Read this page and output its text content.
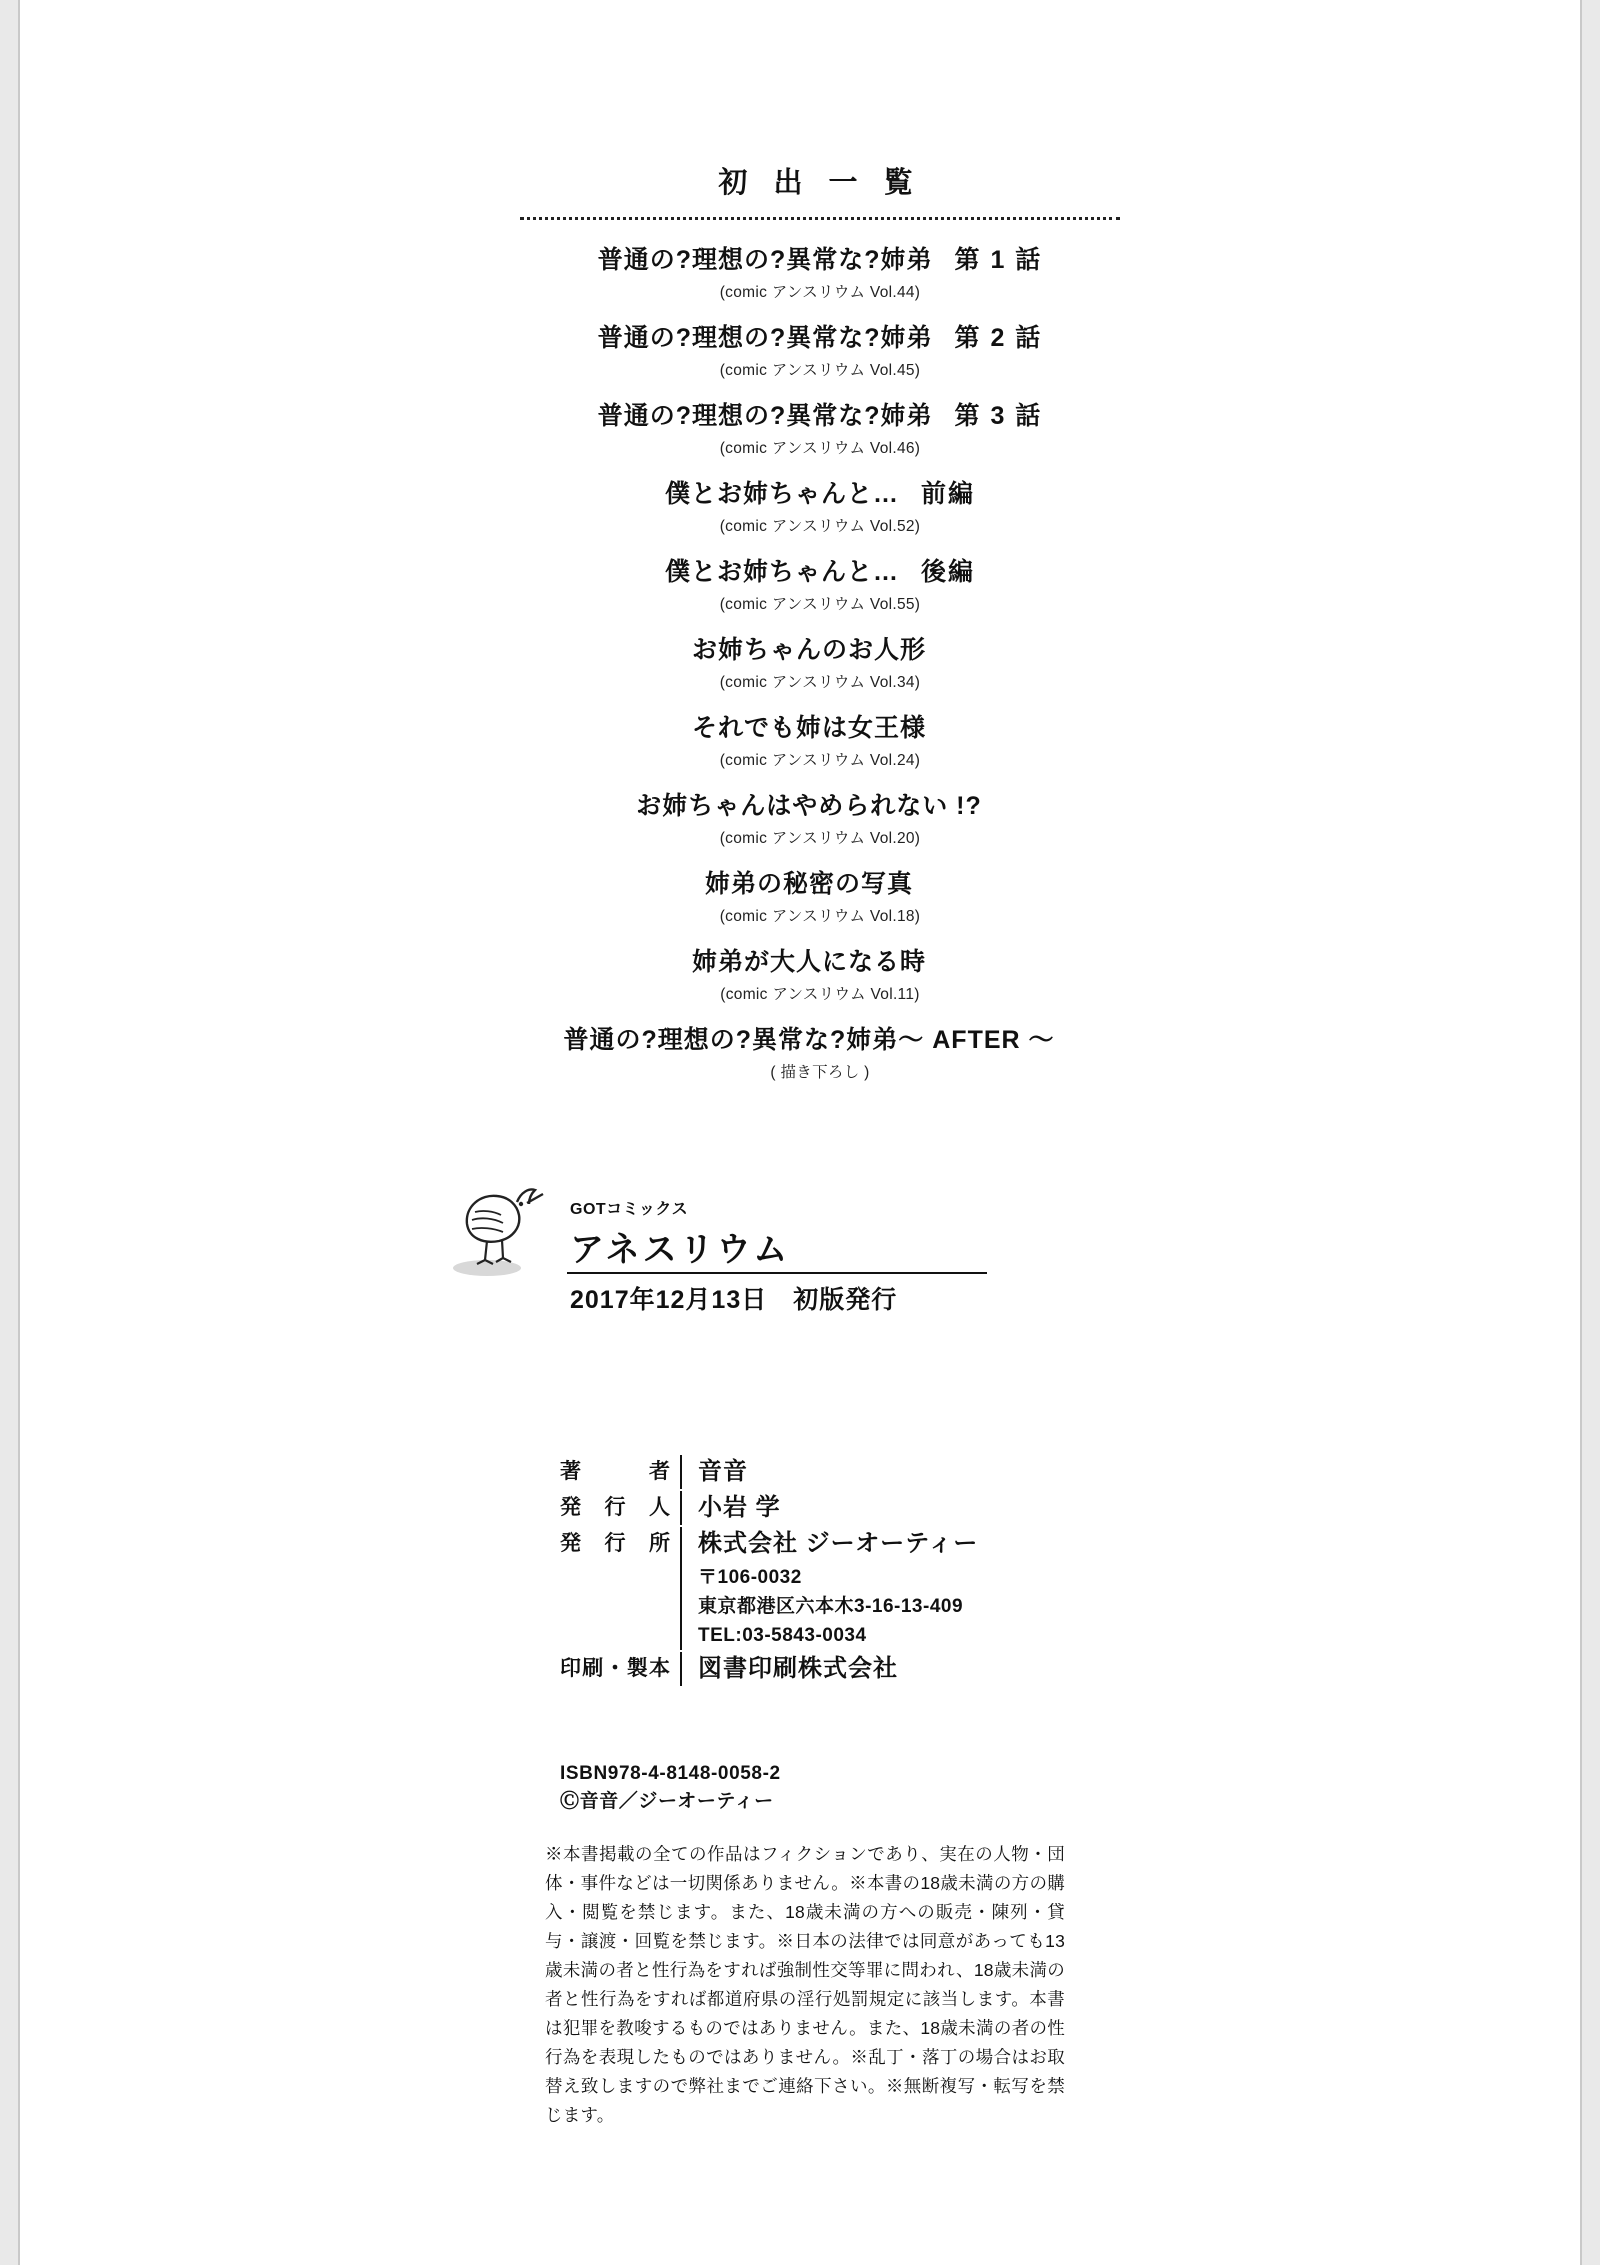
初 出 一 覧
普通の?理想の?異常な?姉弟 第 1 話
(comic アンスリウム Vol.44)
普通の?理想の?異常な?姉弟 第 2 話
(comic アンスリウム Vol.45)
普通の?理想の?異常な?姉弟 第 3 話
(comic アンスリウム Vol.46)
僕とお姉ちゃんと… 前編
(comic アンスリウム Vol.52)
僕とお姉ちゃんと… 後編
(comic アンスリウム Vol.55)
お姉ちゃんのお人形
(comic アンスリウム Vol.34)
それでも姉は女王様
(comic アンスリウム Vol.24)
お姉ちゃんはやめられない !?
(comic アンスリウム Vol.20)
姉弟の秘密の写真
(comic アンスリウム Vol.18)
姉弟が大人になる時
(comic アンスリウム Vol.11)
普通の?理想の?異常な?姉弟〜 AFTER 〜
( 描き下ろし )
GOTコミックス
アネスリウム
2017年12月13日 初版発行
著 者	音音
発行人	小岩 学
発行所	株式会社 ジーオーティー
〒106-0032
東京都港区六本木3-16-13-409
TEL:03-5843-0034
印刷・製本	図書印刷株式会社
ISBN978-4-8148-0058-2
Ⓒ音音／ジーオーティー
※本書掲載の全ての作品はフィクションであり、実在の人物・団体・事件などは一切関係ありません。※本書の18歳未満の方の購入・閲覧を禁じます。また、18歳未満の方への販売・陳列・貸与・譲渡・回覧を禁じます。※日本の法律では同意があっても13歳未満の者と性行為をすれば強制性交等罪に問われ、18歳未満の者と性行為をすれば都道府県の淫行処罰規定に該当します。本書は犯罪を教唆するものではありません。また、18歳未満の者の性行為を表現したものではありません。※乱丁・落丁の場合はお取替え致しますので弊社までご連絡下さい。※無断複写・転写を禁じます。
